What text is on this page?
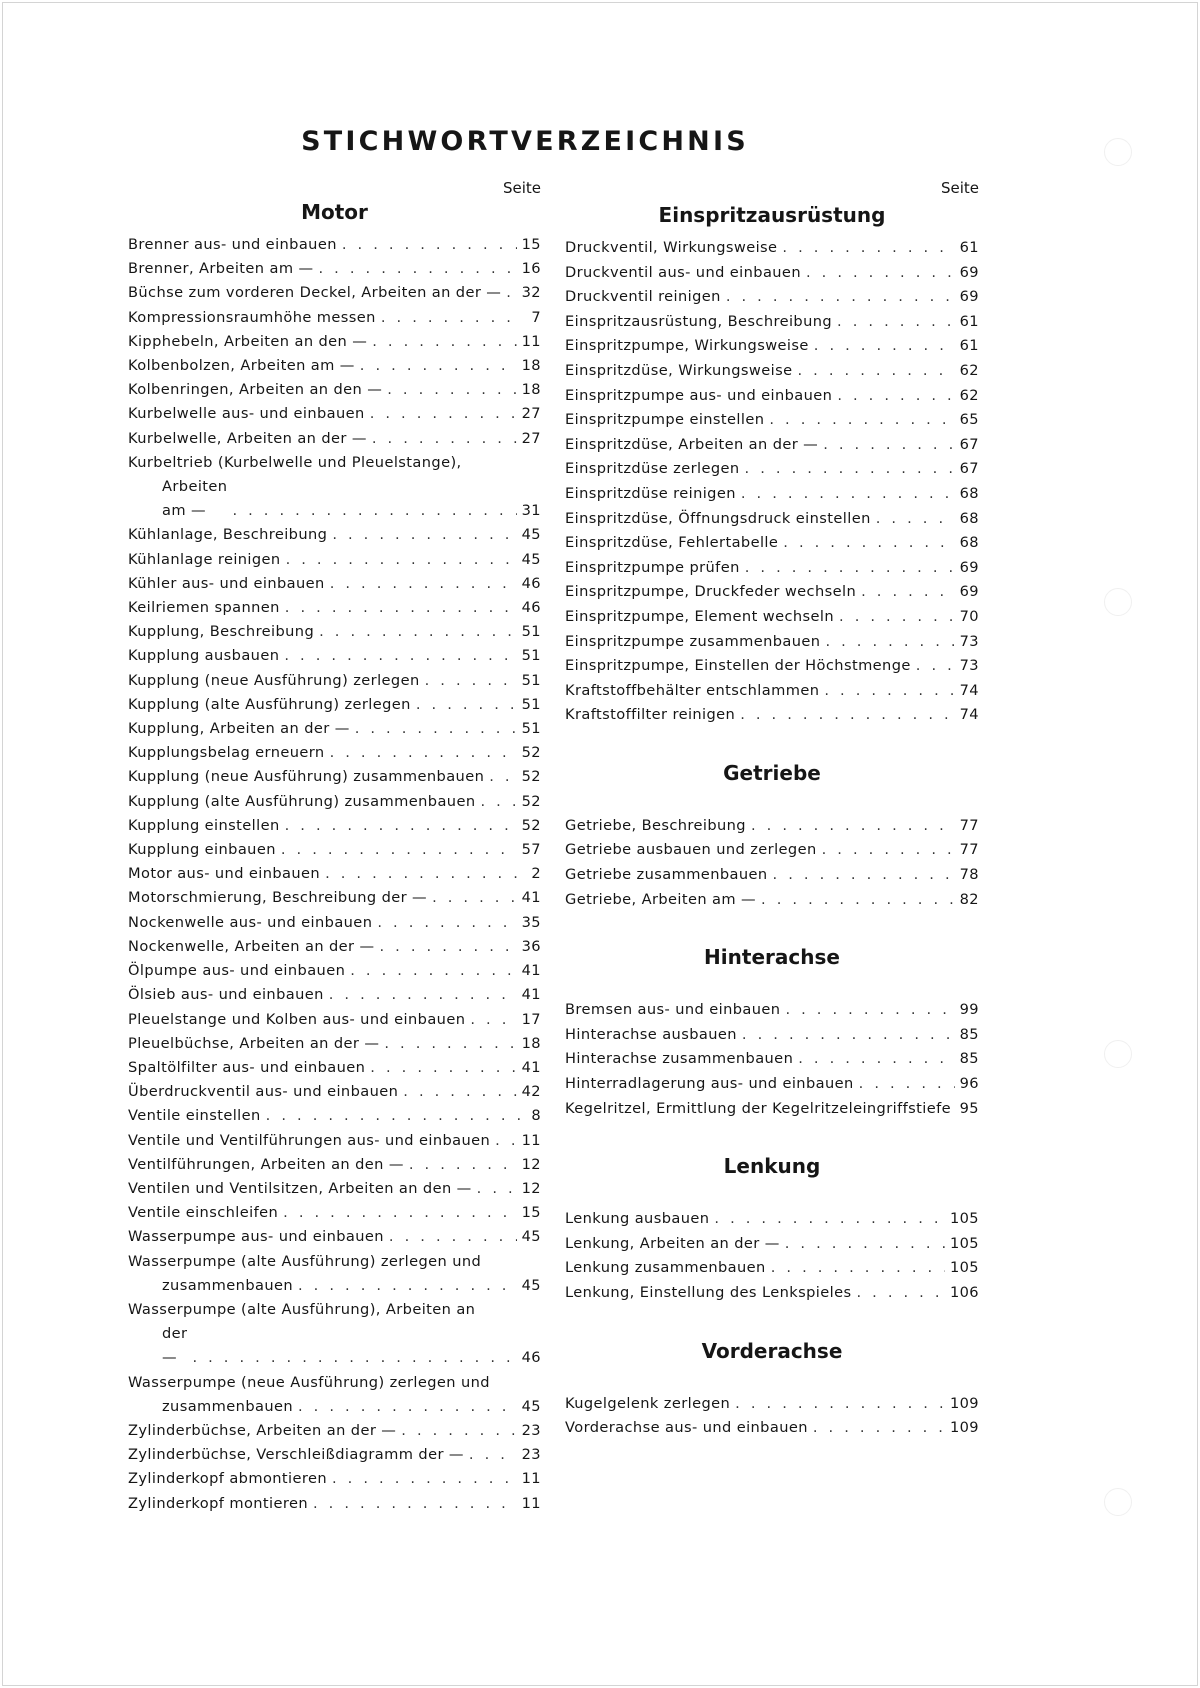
STICHWORTVERZEICHNIS
Seite
Motor
Brenner aus- und einbauen . . .	15
Brenner, Arbeiten am — . . .	16
Büchse zum vorderen Deckel, Arbeiten an der — . . . 32
Kompressionsraumhöhe messen . . .	7
Kipphebeln, Arbeiten an den — . . .	11
Kolbenbolzen, Arbeiten am — . . .	18
Kolbenringen, Arbeiten an den — . . .	18
Kurbelwelle aus- und einbauen . . .	27
Kurbelwelle, Arbeiten an der — . . .	27
Kurbeltrieb (Kurbelwelle und Pleuelstange),
Arbeiten am — . . .	31
Kühlanlage, Beschreibung . . .	45
Kühlanlage reinigen . . .	45
Kühler aus- und einbauen . . .	46
Keilriemen spannen . . .	46
Kupplung, Beschreibung . . .	51
Kupplung ausbauen . . .	51
Kupplung (neue Ausführung) zerlegen . . .	51
Kupplung (alte Ausführung) zerlegen . . .	51
Kupplung, Arbeiten an der — . . .	51
Kupplungsbelag erneuern . . .	52
Kupplung (neue Ausführung) zusammenbauen . . .	52
Kupplung (alte Ausführung) zusammenbauen . . .	52
Kupplung einstellen . . .	52
Kupplung einbauen . . .	57
Motor aus- und einbauen . . .	2
Motorschmierung, Beschreibung der — . . .	41
Nockenwelle aus- und einbauen . . .	35
Nockenwelle, Arbeiten an der — . . .	36
Ölpumpe aus- und einbauen . . .	41
Ölsieb aus- und einbauen . . .	41
Pleuelstange und Kolben aus- und einbauen . . .	17
Pleuelbüchse, Arbeiten an der — . . .	18
Spaltölfilter aus- und einbauen . . .	41
Überdruckventil aus- und einbauen . . .	42
Ventile einstellen . . .	8
Ventile und Ventilführungen aus- und einbauen . . . 11
Ventilführungen, Arbeiten an den — . . .	12
Ventilen und Ventilsitzen, Arbeiten an den — . . .	12
Ventile einschleifen . . .	15
Wasserpumpe aus- und einbauen . . .	45
Wasserpumpe (alte Ausführung) zerlegen und
zusammenbauen . . .	45
Wasserpumpe (alte Ausführung), Arbeiten an
der — . . .	46
Wasserpumpe (neue Ausführung) zerlegen und
zusammenbauen . . .	45
Zylinderbüchse, Arbeiten an der — . . .	23
Zylinderbüchse, Verschleißdiagramm der — . . .	23
Zylinderkopf abmontieren . . .	11
Zylinderkopf montieren . . .	11
Seite
Einspritzausrüstung
Druckventil, Wirkungsweise . . .	61
Druckventil aus- und einbauen . . .	69
Druckventil reinigen . . .	69
Einspritzausrüstung, Beschreibung . . .	61
Einspritzpumpe, Wirkungsweise . . .	61
Einspritzdüse, Wirkungsweise . . .	62
Einspritzpumpe aus- und einbauen . . .	62
Einspritzpumpe einstellen . . .	65
Einspritzdüse, Arbeiten an der — . . .	67
Einspritzdüse zerlegen . . .	67
Einspritzdüse reinigen . . .	68
Einspritzdüse, Öffnungsdruck einstellen . . .	68
Einspritzdüse, Fehlertabelle . . .	68
Einspritzpumpe prüfen . . .	69
Einspritzpumpe, Druckfeder wechseln . . .	69
Einspritzpumpe, Element wechseln . . .	70
Einspritzpumpe zusammenbauen . . .	73
Einspritzpumpe, Einstellen der Höchstmenge . . .	73
Kraftstoffbehälter entschlammen . . .	74
Kraftstoffilter reinigen . . .	74
Getriebe
Getriebe, Beschreibung . . .	77
Getriebe ausbauen und zerlegen . . .	77
Getriebe zusammenbauen . . .	78
Getriebe, Arbeiten am — . . .	82
Hinterachse
Bremsen aus- und einbauen . . .	99
Hinterachse ausbauen . . .	85
Hinterachse zusammenbauen . . .	85
Hinterradlagerung aus- und einbauen . . .	96
Kegelritzel, Ermittlung der Kegelritzeleingriffstiefe 95
Lenkung
Lenkung ausbauen . . .	105
Lenkung, Arbeiten an der — . . .	105
Lenkung zusammenbauen . . .	105
Lenkung, Einstellung des Lenkspieles . . .	106
Vorderachse
Kugelgelenk zerlegen . . .	109
Vorderachse aus- und einbauen . . .	109
